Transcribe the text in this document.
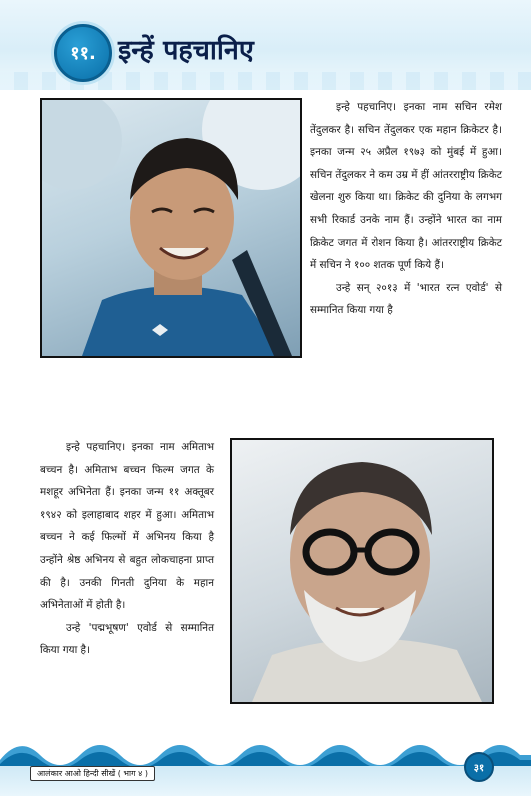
११. इन्हें पहचानिए

इन्हे पहचानिए। इनका नाम सचिन रमेश तेंदुलकर है। सचिन तेंदुलकर एक महान क्रिकेटर है। इनका जन्म २५ अप्रैल १९७३ को मुंबई में हुआ। सचिन तेंदुलकर ने कम उम्र में हीं आंतरराष्ट्रीय क्रिकेट खेलना शुरु किया था। क्रिकेट की दुनिया के लगभग सभी रिकार्ड उनके नाम हैं। उन्होंने भारत का नाम क्रिकेट जगत में रोशन किया है। आंतरराष्ट्रीय क्रिकेट में सचिन ने १०० शतक पूर्ण किये हैं।

उन्हे सन् २०१३ में 'भारत रत्न एवोर्ड' से सम्मानित किया गया है

इन्हे पहचानिए। इनका नाम अमिताभ बच्चन है। अमिताभ बच्चन फिल्म जगत के मशहूर अभिनेता हैं। इनका जन्म ११ अक्तूबर १९४२ को इलाहाबाद शहर में हुआ। अमिताभ बच्चन ने कई फिल्मों में अभिनय किया है उन्होंने श्रेष्ठ अभिनय से बहुत लोकचाहना प्राप्त की है। उनकी गिनती दुनिया के महान अभिनेताओं में होती है।

उन्हे 'पद्मभूषण' एवोर्ड से सम्मानित किया गया है।

आलंकार आओ हिन्दी सीखें ( भाग ४ )	३१
